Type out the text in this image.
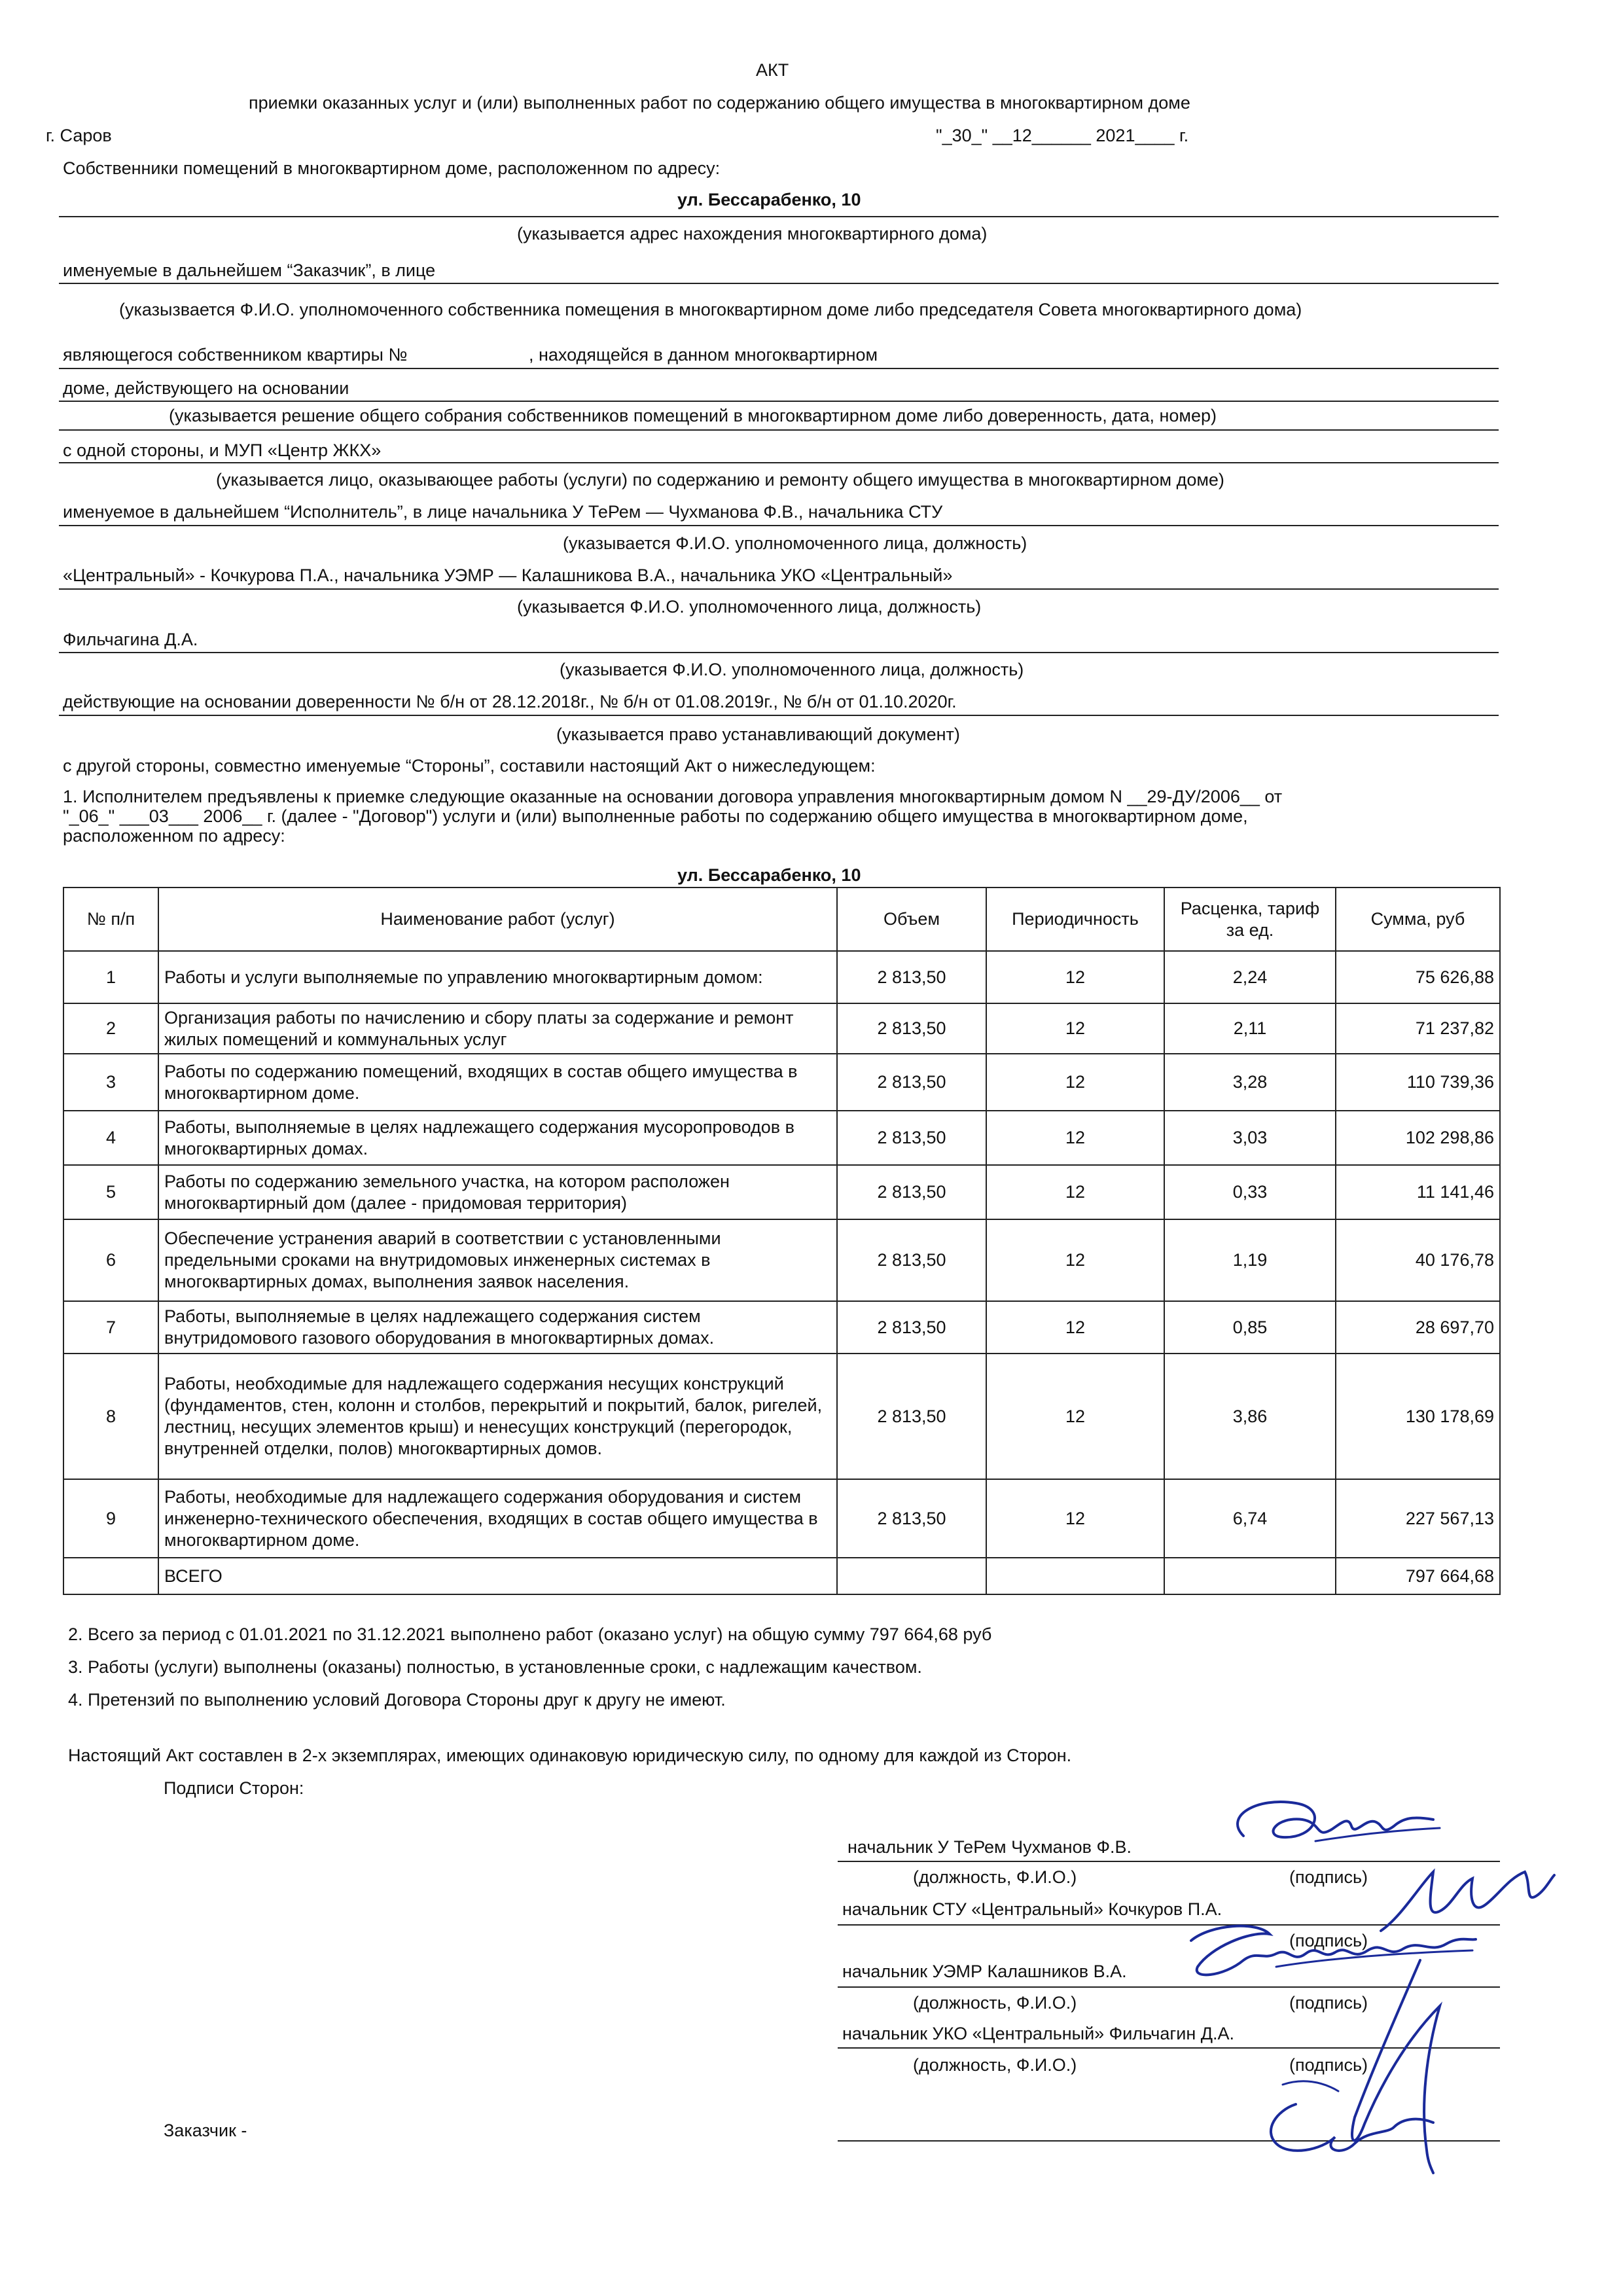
АКТ
приемки оказанных услуг и (или) выполненных работ по содержанию общего имущества в многоквартирном доме
г. Саров	"_30_" __12______ 2021____ г.
Собственники помещений в многоквартирном доме, расположенном по адресу:
ул. Бессарабенко, 10
(указывается адрес нахождения многоквартирного дома)
именуемые в дальнейшем “Заказчик”, в лице
(указызвается Ф.И.О. уполномоченного собственника помещения в многоквартирном доме либо председателя Совета многоквартирного дома)
являющегося собственником квартиры №	, находящейся в данном многоквартирном
доме, действующего на основании
(указывается решение общего собрания собственников помещений в многоквартирном доме либо доверенность, дата, номер)
с одной стороны, и МУП «Центр ЖКХ»
(указывается лицо, оказывающее работы (услуги) по содержанию и ремонту общего имущества в многоквартирном доме)
именуемое в дальнейшем “Исполнитель”, в лице начальника У ТеРем — Чухманова Ф.В., начальника СТУ
(указывается Ф.И.О. уполномоченного лица, должность)
«Центральный» - Кочкурова П.А., начальника УЭМР — Калашникова В.А., начальника УКО «Центральный»
(указывается Ф.И.О. уполномоченного лица, должность)
Фильчагина Д.А.
(указывается Ф.И.О. уполномоченного лица, должность)
действующие на основании доверенности № б/н от 28.12.2018г., № б/н от 01.08.2019г., № б/н от 01.10.2020г.
(указывается право устанавливающий документ)
с другой стороны, совместно именуемые “Стороны”, составили настоящий Акт о нижеследующем:
1. Исполнителем предъявлены к приемке следующие оказанные на основании договора управления многоквартирным домом N __29-ДУ/2006__ от
"_06_" ___03___ 2006__ г. (далее - "Договор") услуги и (или) выполненные работы по содержанию общего имущества в многоквартирном доме,
расположенном по адресу:
ул. Бессарабенко, 10
№ п/п	Наименование работ (услуг)	Объем	Периодичность	Расценка, тариф за ед.	Сумма, руб
1	Работы и услуги выполняемые по управлению многоквартирным домом:	2 813,50	12	2,24	75 626,88
2	Организация работы по начислению и сбору платы за содержание и ремонт жилых помещений и коммунальных услуг	2 813,50	12	2,11	71 237,82
3	Работы по содержанию помещений, входящих в состав общего имущества в многоквартирном доме.	2 813,50	12	3,28	110 739,36
4	Работы, выполняемые в целях надлежащего содержания мусоропроводов в многоквартирных домах.	2 813,50	12	3,03	102 298,86
5	Работы по содержанию земельного участка, на котором расположен многоквартирный дом (далее - придомовая территория)	2 813,50	12	0,33	11 141,46
6	Обеспечение устранения аварий в соответствии с установленными предельными сроками на внутридомовых инженерных системах в многоквартирных домах, выполнения заявок населения.	2 813,50	12	1,19	40 176,78
7	Работы, выполняемые в целях надлежащего содержания систем внутридомового газового оборудования в многоквартирных домах.	2 813,50	12	0,85	28 697,70
8	Работы, необходимые для надлежащего содержания несущих конструкций (фундаментов, стен, колонн и столбов, перекрытий и покрытий, балок, ригелей, лестниц, несущих элементов крыш) и ненесущих конструкций (перегородок, внутренней отделки, полов) многоквартирных домов.	2 813,50	12	3,86	130 178,69
9	Работы, необходимые для надлежащего содержания оборудования и систем инженерно-технического обеспечения, входящих в состав общего имущества в многоквартирном доме.	2 813,50	12	6,74	227 567,13
	ВСЕГО				797 664,68
2. Всего за период с 01.01.2021 по 31.12.2021 выполнено работ (оказано услуг) на общую сумму 797 664,68 руб
3. Работы (услуги) выполнены (оказаны) полностью, в установленные сроки, с надлежащим качеством.
4. Претензий по выполнению условий Договора Стороны друг к другу не имеют.
Настоящий Акт составлен в 2-х экземплярах, имеющих одинаковую юридическую силу, по одному для каждой из Сторон.
Подписи Сторон:
начальник У ТеРем Чухманов Ф.В.
(должность, Ф.И.О.)	(подпись)
начальник СТУ «Центральный» Кочкуров П.А.
(подпись)
начальник УЭМР Калашников В.А.
(должность, Ф.И.О.)	(подпись)
начальник УКО «Центральный» Фильчагин Д.А.
(должность, Ф.И.О.)	(подпись)
Заказчик -
